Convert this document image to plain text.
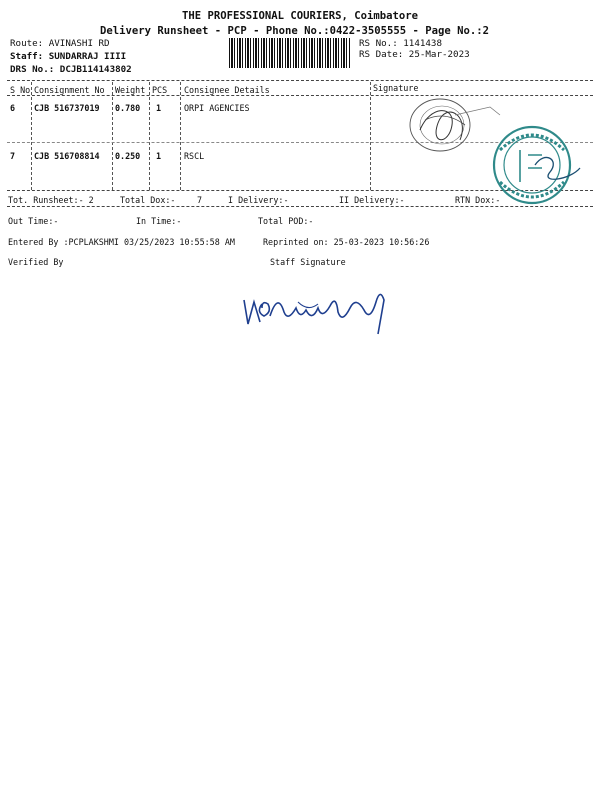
THE PROFESSIONAL COURIERS, Coimbatore
Delivery Runsheet - PCP - Phone No.:0422-3505555 - Page No.:2
Route: AVINASHI RD
Staff: SUNDARRAJ IIII
DRS No.: DCJB114143802
RS No.: 1141438
RS Date: 25-Mar-2023
S No Consignment No Weight PCS Consignee Details	Signature
6 CJB 516737019 0.780 1	ORPI AGENCIES
7 CJB 516708814 0.250 1	RSCL
Tot. Runsheet:- 2	Total Dox:-	7	I Delivery:-	II Delivery:-	RTN Dox:-
Out Time:-	In Time:-	Total POD:-
Entered By :PCPLAKSHMI 03/25/2023 10:55:58 AM	Reprinted on: 25-03-2023 10:56:26
Verified By	Staff Signature
